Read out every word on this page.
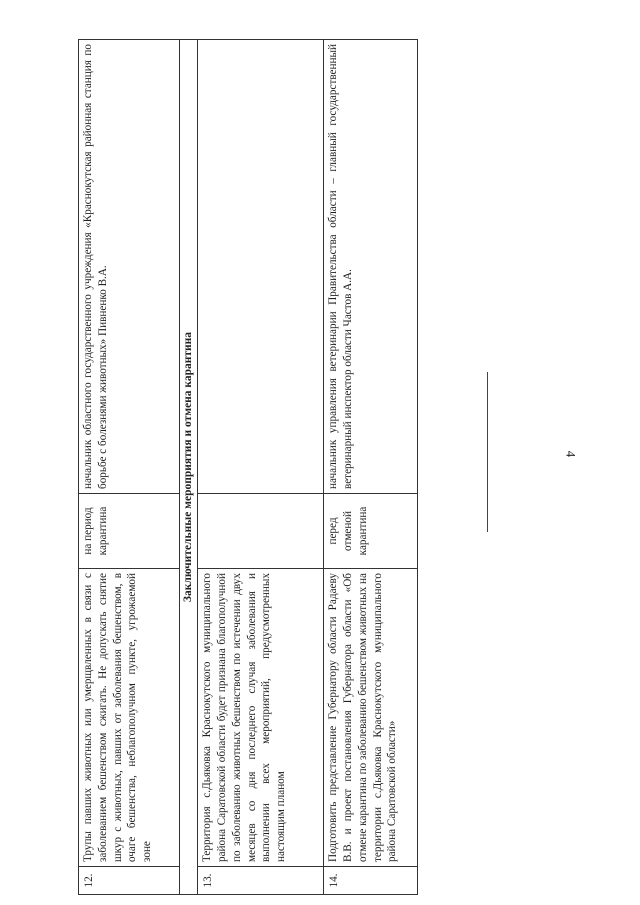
4
12.	Трупы павших животных или умерщвленных в связи с заболеванием бешенством сжигать. Не допускать снятие шкур с животных, павших от заболевания бешенством, в очаге бешенства, неблагополучном пункте, угрожаемой зоне	на период карантина	начальник областного государственного учреждения «Краснокутская районная станция по борьбе с болезнями животных» Пивненко В.А.
Заключительные мероприятия и отмена карантина			
13.	Территория с.Дьяковка Краснокутского муниципального района Саратовской области будет признана благополучной по заболеванию животных бешенством по истечении двух месяцев со дня последнего случая заболевания и выполнении всех мероприятий, предусмотренных настоящим планом		
14.	Подготовить представление Губернатору области Радаеву В.В. и проект постановления Губернатора области «Об отмене карантина по заболеванию бешенством животных на территории с.Дьяковка Краснокутского муниципального района Саратовской области»	перед отменой карантина	начальник управления ветеринарии Правительства области – главный государственный ветеринарный инспектор области Частов А.А.
